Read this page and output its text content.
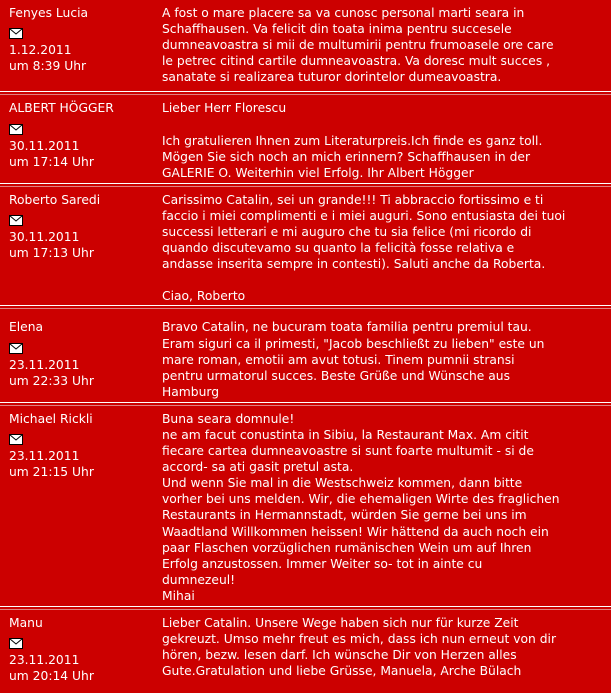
Fenyes Lucia
1.12.2011
um 8:39 Uhr
A fost o mare placere sa va cunosc personal marti seara in
Schaffhausen. Va felicit din toata inima pentru succesele
dumneavoastra si mii de multumirii pentru frumoasele ore care
le petrec citind cartile dumneavoastra. Va doresc mult succes ,
sanatate si realizarea tuturor dorintelor dumeavoastra.
ALBERT HÖGGER
30.11.2011
um 17:14 Uhr
Lieber Herr Florescu
Ich gratulieren Ihnen zum Literaturpreis.Ich finde es ganz toll.
Mögen Sie sich noch an mich erinnern? Schaffhausen in der
GALERIE O. Weiterhin viel Erfolg. Ihr Albert Högger
Roberto Saredi
30.11.2011
um 17:13 Uhr
Carissimo Catalin, sei un grande!!! Ti abbraccio fortissimo e ti
faccio i miei complimenti e i miei auguri. Sono entusiasta dei tuoi
successi letterari e mi auguro che tu sia felice (mi ricordo di
quando discutevamo su quanto la felicità fosse relativa e
andasse inserita sempre in contesti). Saluti anche da Roberta.
Ciao, Roberto
Elena
23.11.2011
um 22:33 Uhr
Bravo Catalin, ne bucuram toata familia pentru premiul tau.
Eram siguri ca il primesti, "Jacob beschließt zu lieben" este un
mare roman, emotii am avut totusi. Tinem pumnii stransi
pentru urmatorul succes. Beste Grüße und Wünsche aus
Hamburg
Michael Rickli
23.11.2011
um 21:15 Uhr
Buna seara domnule!
ne am facut conustinta in Sibiu, la Restaurant Max. Am citit
fiecare cartea dumneavoastre si sunt foarte multumit - si de
accord- sa ati gasit pretul asta.
Und wenn Sie mal in die Westschweiz kommen, dann bitte
vorher bei uns melden. Wir, die ehemaligen Wirte des fraglichen
Restaurants in Hermannstadt, würden Sie gerne bei uns im
Waadtland Willkommen heissen! Wir hättend da auch noch ein
paar Flaschen vorzüglichen rumänischen Wein um auf Ihren
Erfolg anzustossen. Immer Weiter so- tot in ainte cu
dumnezeul!
Mihai
Manu
23.11.2011
um 20:14 Uhr
Lieber Catalin. Unsere Wege haben sich nur für kurze Zeit
gekreuzt. Umso mehr freut es mich, dass ich nun erneut von dir
hören, bezw. lesen darf. Ich wünsche Dir von Herzen alles
Gute.Gratulation und liebe Grüsse, Manuela, Arche Bülach
